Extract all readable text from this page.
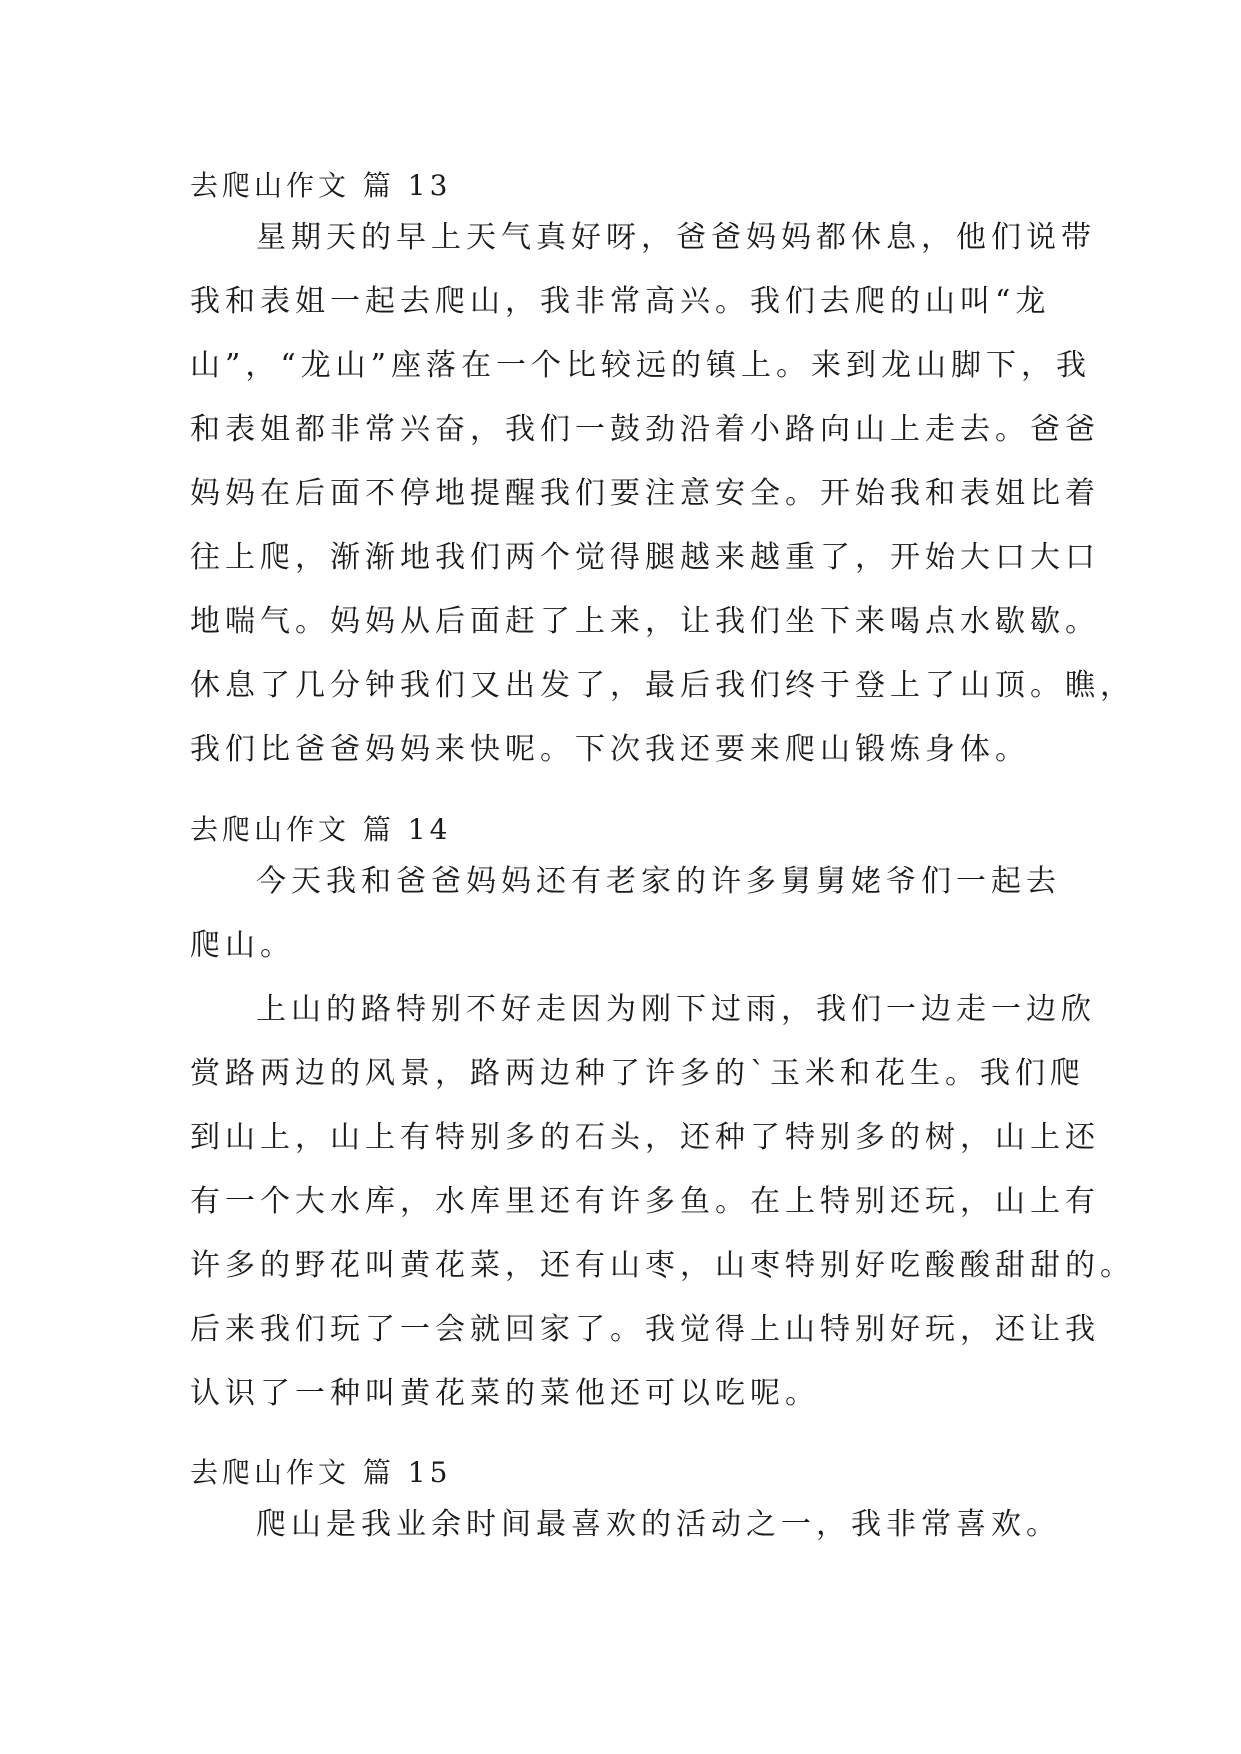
去爬山作文 篇 13
星期天的早上天气真好呀，爸爸妈妈都休息，他们说带
我和表姐一起去爬山，我非常高兴。我们去爬的山叫“龙
山”，“龙山”座落在一个比较远的镇上。来到龙山脚下，我
和表姐都非常兴奋，我们一鼓劲沿着小路向山上走去。爸爸
妈妈在后面不停地提醒我们要注意安全。开始我和表姐比着
往上爬，渐渐地我们两个觉得腿越来越重了，开始大口大口
地喘气。妈妈从后面赶了上来，让我们坐下来喝点水歇歇。
休息了几分钟我们又出发了，最后我们终于登上了山顶。瞧，
我们比爸爸妈妈来快呢。下次我还要来爬山锻炼身体。
去爬山作文 篇 14
今天我和爸爸妈妈还有老家的许多舅舅姥爷们一起去
爬山。
上山的路特别不好走因为刚下过雨，我们一边走一边欣
赏路两边的风景，路两边种了许多的`玉米和花生。我们爬
到山上，山上有特别多的石头，还种了特别多的树，山上还
有一个大水库，水库里还有许多鱼。在上特别还玩，山上有
许多的野花叫黄花菜，还有山枣，山枣特别好吃酸酸甜甜的。
后来我们玩了一会就回家了。我觉得上山特别好玩，还让我
认识了一种叫黄花菜的菜他还可以吃呢。
去爬山作文 篇 15
爬山是我业余时间最喜欢的活动之一，我非常喜欢。
